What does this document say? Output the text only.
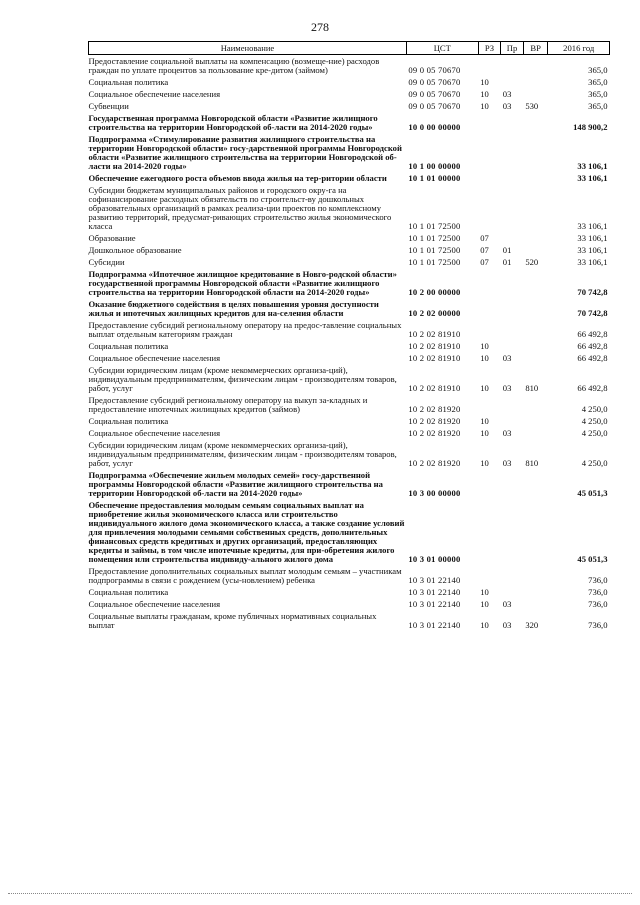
278
Наименование	ЦСТ	РЗ	Пр	ВР	2016 год
Предоставление социальной выплаты на компенсацию (возмеще-ние) расходов граждан по уплате процентов за пользование кре-дитом (займом)	09 0 05 70670				365,0
Социальная политика	09 0 05 70670	10			365,0
Социальное обеспечение населения	09 0 05 70670	10	03		365,0
Субвенции	09 0 05 70670	10	03	530	365,0
Государственная программа Новгородской области «Развитие жилищного строительства на территории Новгородской об-ласти на 2014-2020 годы»	10 0 00 00000				148 900,2
Подпрограмма «Стимулирование развития жилищного строительства на территории Новгородской области» госу-дарственной программы Новгородской области «Развитие жилищного строительства на территории Новгородской об-ласти на 2014-2020 годы»	10 1 00 00000				33 106,1
Обеспечение ежегодного роста объемов ввода жилья на тер-ритории области	10 1 01 00000				33 106,1
Субсидии бюджетам муниципальных районов и городского окру-га на софинансирование расходных обязательств по строительст-ву дошкольных образовательных организаций в рамках реализа-ции проектов по комплексному развитию территорий, предусмат-ривающих строительство жилья экономического класса	10 1 01 72500				33 106,1
Образование	10 1 01 72500	07			33 106,1
Дошкольное образование	10 1 01 72500	07	01		33 106,1
Субсидии	10 1 01 72500	07	01	520	33 106,1
Подпрограмма «Ипотечное жилищное кредитование в Новго-родской области» государственной программы Новгородской области «Развитие жилищного строительства на территории Новгородской области на 2014-2020 годы»	10 2 00 00000				70 742,8
Оказание бюджетного содействия в целях повышения уровня доступности жилья и ипотечных жилищных кредитов для на-селения области	10 2 02 00000				70 742,8
Предоставление субсидий региональному оператору на предос-тавление социальных выплат отдельным категориям граждан	10 2 02 81910				66 492,8
Социальная политика	10 2 02 81910	10			66 492,8
Социальное обеспечение населения	10 2 02 81910	10	03		66 492,8
Субсидии юридическим лицам (кроме некоммерческих организа-ций), индивидуальным предпринимателям, физическим лицам - производителям товаров, работ, услуг	10 2 02 81910	10	03	810	66 492,8
Предоставление субсидий региональному оператору на выкуп за-кладных и предоставление ипотечных жилищных кредитов (займов)	10 2 02 81920				4 250,0
Социальная политика	10 2 02 81920	10			4 250,0
Социальное обеспечение населения	10 2 02 81920	10	03		4 250,0
Субсидии юридическим лицам (кроме некоммерческих организа-ций), индивидуальным предпринимателям, физическим лицам - производителям товаров, работ, услуг	10 2 02 81920	10	03	810	4 250,0
Подпрограмма «Обеспечение жильем молодых семей» госу-дарственной программы Новгородской области «Развитие жилищного строительства на территории Новгородской об-ласти на 2014-2020 годы»	10 3 00 00000				45 051,3
Обеспечение предоставления молодым семьям социальных выплат на приобретение жилья экономического класса или строительство индивидуального жилого дома экономического класса, а также создание условий для привлечения молодыми семьями собственных средств, дополнительных финансовых средств кредитных и других организаций, предоставляющих кредиты и займы, в том числе ипотечные кредиты, для при-обретения жилого помещения или строительства индивиду-ального жилого дома	10 3 01 00000				45 051,3
Предоставление дополнительных социальных выплат молодым семьям – участникам подпрограммы в связи с рождением (усы-новлением) ребенка	10 3 01 22140				736,0
Социальная политика	10 3 01 22140	10			736,0
Социальное обеспечение населения	10 3 01 22140	10	03		736,0
Социальные выплаты гражданам, кроме публичных нормативных социальных выплат	10 3 01 22140	10	03	320	736,0
